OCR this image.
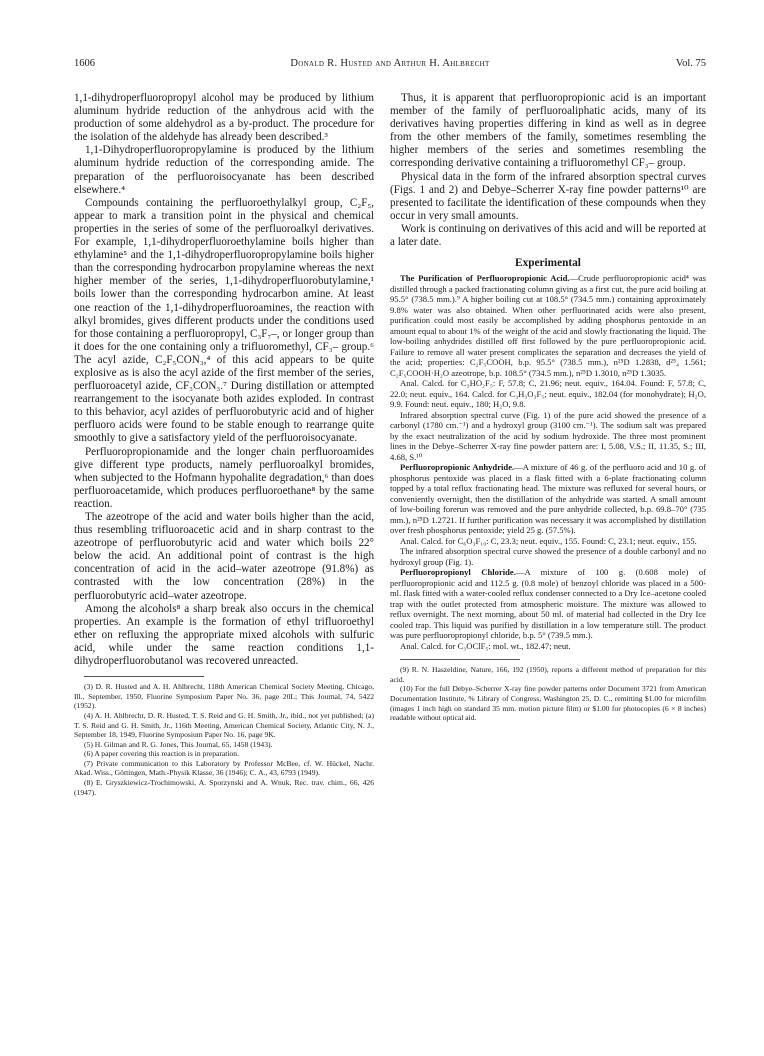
1606	Donald R. Husted and Arthur H. Ahlbrecht	Vol. 75

1,1-dihydroperfluoropropyl alcohol may be produced by lithium aluminum hydride reduction of the anhydrous acid with the production of some aldehydrol as a by-product. The procedure for the isolation of the aldehyde has already been described.³

1,1-Dihydroperfluoropropylamine is produced by the lithium aluminum hydride reduction of the corresponding amide. The preparation of the perfluoroisocyanate has been described elsewhere.⁴

Compounds containing the perfluoroethylalkyl group, C₂F₅, appear to mark a transition point in the physical and chemical properties in the series of some of the perfluoroalkyl derivatives. For example, 1,1-dihydroperfluoroethylamine boils higher than ethylamine⁵ and the 1,1-dihydroperfluoropropylamine boils higher than the corresponding hydrocarbon propylamine whereas the next higher member of the series, 1,1-dihydroperfluorobutylamine,¹ boils lower than the corresponding hydrocarbon amine. At least one reaction of the 1,1-dihydroperfluoroamines, the reaction with alkyl bromides, gives different products under the conditions used for those containing a perfluoropropyl, C₃F₇–, or longer group than it does for the one containing only a trifluoromethyl, CF₃– group.⁶ The acyl azide, C₂F₅CON₃,⁴ of this acid appears to be quite explosive as is also the acyl azide of the first member of the series, perfluoroacetyl azide, CF₃CON₃.⁷ During distillation or attempted rearrangement to the isocyanate both azides exploded. In contrast to this behavior, acyl azides of perfluorobutyric acid and of higher perfluoro acids were found to be stable enough to rearrange quite smoothly to give a satisfactory yield of the perfluoroisocyanate.

Perfluoropropionamide and the longer chain perfluoroamides give different type products, namely perfluoroalkyl bromides, when subjected to the Hofmann hypohalite degradation,⁶ than does perfluoroacetamide, which produces perfluoroethane⁸ by the same reaction.

The azeotrope of the acid and water boils higher than the acid, thus resembling trifluoroacetic acid and in sharp contrast to the azeotrope of perfluorobutyric acid and water which boils 22° below the acid. An additional point of contrast is the high concentration of acid in the acid–water azeotrope (91.8%) as contrasted with the low concentration (28%) in the perfluorobutyric acid–water azeotrope.

Among the alcohols⁸ a sharp break also occurs in the chemical properties. An example is the formation of ethyl trifluoroethyl ether on refluxing the appropriate mixed alcohols with sulfuric acid, while under the same reaction conditions 1,1-dihydroperfluorobutanol was recovered unreacted.

(3) D. R. Husted and A. H. Ahlbrecht, 118th American Chemical Society Meeting, Chicago, Ill., September, 1950, Fluorine Symposium Paper No. 36, page 20L; This Journal, 74, 5422 (1952).

(4) A. H. Ahlbrecht, D. R. Husted, T. S. Reid and G. H. Smith, Jr., ibid., not yet published; (a) T. S. Reid and G. H. Smith, Jr., 116th Meeting, American Chemical Society, Atlantic City, N. J., September 18, 1949, Fluorine Symposium Paper No. 16, page 9K.

(5) H. Gilman and R. G. Jones, This Journal, 65, 1458 (1943).

(6) A paper covering this reaction is in preparation.

(7) Private communication to this Laboratory by Professor McBee, cf. W. Hückel, Nachr. Akad. Wiss., Göttingen, Math.-Physik Klasse, 36 (1946); C. A., 43, 6793 (1949).

(8) E. Gryszkiewicz-Trochimowski, A. Sporzynski and A. Wnuk, Rec. trav. chim., 66, 426 (1947).

Thus, it is apparent that perfluoropropionic acid is an important member of the family of perfluoroaliphatic acids, many of its derivatives having properties differing in kind as well as in degree from the other members of the family, sometimes resembling the higher members of the series and sometimes resembling the corresponding derivative containing a trifluoromethyl CF₃– group.

Physical data in the form of the infrared absorption spectral curves (Figs. 1 and 2) and Debye–Scherrer X-ray fine powder patterns¹⁰ are presented to facilitate the identification of these compounds when they occur in very small amounts.

Work is continuing on derivatives of this acid and will be reported at a later date.

Experimental

The Purification of Perfluoropropionic Acid.—Crude perfluoropropionic acid⁴ was distilled through a packed fractionating column giving as a first cut, the pure acid boiling at 95.5° (738.5 mm.).⁹ A higher boiling cut at 108.5° (734.5 mm.) containing approximately 9.8% water was also obtained. When other perfluorinated acids were also present, purification could most easily be accomplished by adding phosphorus pentoxide in an amount equal to about 1% of the weight of the acid and slowly fractionating the liquid. The low-boiling anhydrides distilled off first followed by the pure perfluoropropionic acid. Failure to remove all water present complicates the separation and decreases the yield of the acid; properties: C₂F₅COOH, b.p. 95.5° (738.5 mm.), n²⁵D 1.2838, d²⁵₄ 1.561; C₂F₅COOH·H₂O azeotrope, b.p. 108.5° (734.5 mm.), n²⁵D 1.3010, n²⁵D 1.3035.

Anal. Calcd. for C₃HO₂F₅: F, 57.8; C, 21.96; neut. equiv., 164.04. Found: F, 57.8; C, 22.0; neut. equiv., 164. Calcd. for C₃H₃O₃F₅; neut. equiv., 182.04 (for monohydrate); H₂O, 9.9. Found: neut. equiv., 180; H₂O, 9.8.

Infrared absorption spectral curve (Fig. 1) of the pure acid showed the presence of a carbonyl (1780 cm.⁻¹) and a hydroxyl group (3100 cm.⁻¹). The sodium salt was prepared by the exact neutralization of the acid by sodium hydroxide. The three most prominent lines in the Debye–Scherrer X-ray fine powder pattern are: I, 5.08, V.S.; II, 11.35, S.; III, 4.68, S.¹⁰

Perfluoropropionic Anhydride.—A mixture of 46 g. of the perfluoro acid and 10 g. of phosphorus pentoxide was placed in a flask fitted with a 6-plate fractionating column topped by a total reflux fractionating head. The mixture was refluxed for several hours, or conveniently overnight, then the distillation of the anhydride was started. A small amount of low-boiling forerun was removed and the pure anhydride collected, b.p. 69.8–70° (735 mm.), n²⁵D 1.2721. If further purification was necessary it was accomplished by distillation over fresh phosphorus pentoxide; yield 25 g. (57.5%).

Anal. Calcd. for C₆O₃F₁₀: C, 23.3; neut. equiv., 155. Found: C, 23.1; neut. equiv., 155.

The infrared absorption spectral curve showed the presence of a double carbonyl and no hydroxyl group (Fig. 1).

Perfluoropropionyl Chloride.—A mixture of 100 g. (0.608 mole) of perfluoropropionic acid and 112.5 g. (0.8 mole) of benzoyl chloride was placed in a 500-ml. flask fitted with a water-cooled reflux condenser connected to a Dry Ice–acetone cooled trap with the outlet protected from atmospheric moisture. The mixture was allowed to reflux overnight. The next morning, about 50 ml. of material had collected in the Dry Ice cooled trap. This liquid was purified by distillation in a low temperature still. The product was pure perfluoropropionyl chloride, b.p. 5° (739.5 mm.).

Anal. Calcd. for C₃OClF₅: mol. wt., 182.47; neut.

(9) R. N. Haszeldine, Nature, 166, 192 (1950), reports a different method of preparation for this acid.

(10) For the full Debye–Scherrer X-ray fine powder patterns order Document 3721 from American Documentation Institute, % Library of Congress, Washington 25, D. C., remitting $1.00 for microfilm (images 1 inch high on standard 35 mm. motion picture film) or $1.00 for photocopies (6 × 8 inches) readable without optical aid.
